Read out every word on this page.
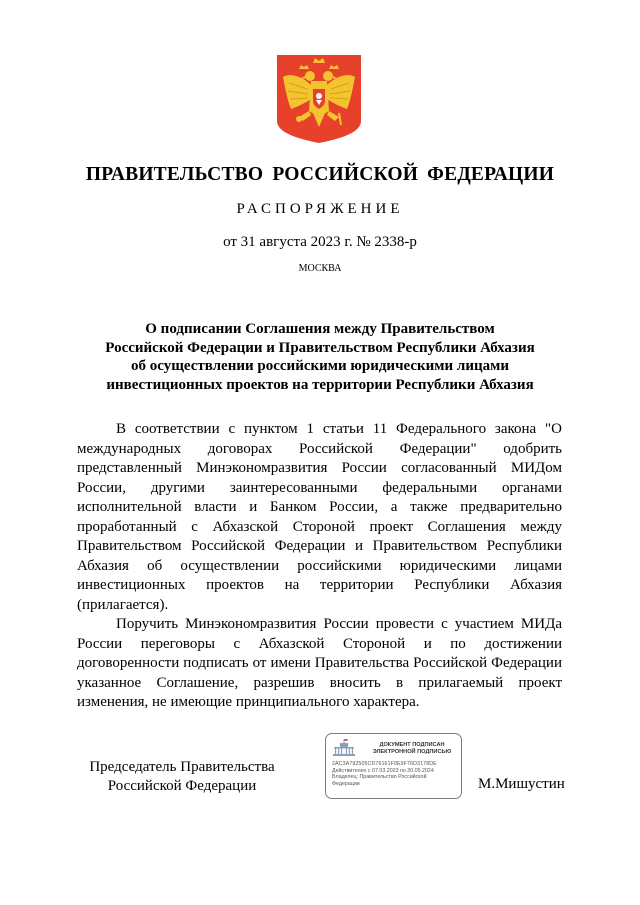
ПРАВИТЕЛЬСТВО РОССИЙСКОЙ ФЕДЕРАЦИИ
РАСПОРЯЖЕНИЕ
от 31 августа 2023 г. № 2338-р
МОСКВА
О подписании Соглашения между Правительством
Российской Федерации и Правительством Республики Абхазия
об осуществлении российскими юридическими лицами
инвестиционных проектов на территории Республики Абхазия

В соответствии с пунктом 1 статьи 11 Федерального закона "О международных договорах Российской Федерации" одобрить представленный Минэкономразвития России согласованный МИДом России, другими заинтересованными федеральными органами исполнительной власти и Банком России, а также предварительно проработанный с Абхазской Стороной проект Соглашения между Правительством Российской Федерации и Правительством Республики Абхазия об осуществлении российскими юридическими лицами инвестиционных проектов на территории Республики Абхазия (прилагается).

Поручить Минэкономразвития России провести с участием МИДа России переговоры с Абхазской Стороной и по достижении договоренности подписать от имени Правительства Российской Федерации указанное Соглашение, разрешив вносить в прилагаемый проект изменения, не имеющие принципиального характера.

Председатель Правительства
Российской Федерации
ДОКУМЕНТ ПОДПИСАН
ЭЛЕКТРОННОЙ ПОДПИСЬЮ
2AC3A792505CD76161F0E9F76D3178DE
Действителен с 07.03.2023 по 30.05.2024
Владелец: Правительство Российской
Федерации	М.Мишустин
